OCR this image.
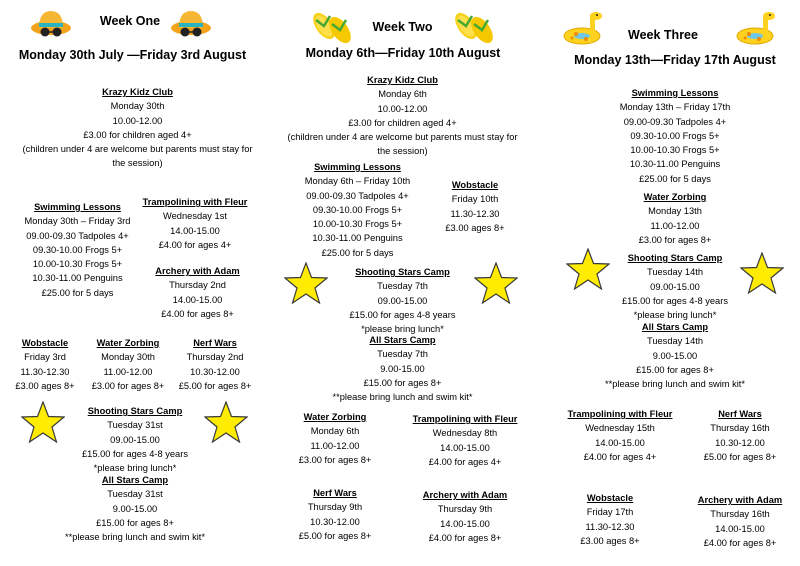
Week One
Monday 30th July —Friday 3rd August
Krazy Kidz Club
Monday 30th
10.00-12.00
£3.00 for children aged 4+
(children under 4 are welcome but parents must stay for
the session)
Swimming Lessons
Monday 30th – Friday 3rd
09.00-09.30 Tadpoles 4+
09.30-10.00 Frogs 5+
10.00-10.30 Frogs 5+
10.30-11.00 Penguins
£25.00 for 5 days
Trampolining with Fleur
Wednesday 1st
14.00-15.00
£4.00 for ages 4+
Archery with Adam
Thursday 2nd
14.00-15.00
£4.00 for ages 8+
Wobstacle
Friday 3rd
11.30-12.30
£3.00 ages 8+
Water Zorbing
Monday 30th
11.00-12.00
£3.00 for ages 8+
Nerf Wars
Thursday 2nd
10.30-12.00
£5.00 for ages 8+
Shooting Stars Camp
Tuesday 31st
09.00-15.00
£15.00 for ages 4-8 years
*please bring lunch*
All Stars Camp
Tuesday 31st
9.00-15.00
£15.00 for ages 8+
**please bring lunch and swim kit*
Week Two
Monday 6th—Friday 10th August
Krazy Kidz Club
Monday 6th
10.00-12.00
£3.00 for children aged 4+
(children under 4 are welcome but parents must stay for
the session)
Swimming Lessons
Monday 6th – Friday 10th
09.00-09.30 Tadpoles 4+
09.30-10.00 Frogs 5+
10.00-10.30 Frogs 5+
10.30-11.00 Penguins
£25.00 for 5 days
Wobstacle
Friday 10th
11.30-12.30
£3.00 ages 8+
Shooting Stars Camp
Tuesday 7th
09.00-15.00
£15.00 for ages 4-8 years
*please bring lunch*
All Stars Camp
Tuesday 7th
9.00-15.00
£15.00 for ages 8+
**please bring lunch and swim kit*
Water Zorbing
Monday 6th
11.00-12.00
£3.00 for ages 8+
Trampolining with Fleur
Wednesday 8th
14.00-15.00
£4.00 for ages 4+
Nerf Wars
Thursday 9th
10.30-12.00
£5.00 for ages 8+
Archery with Adam
Thursday 9th
14.00-15.00
£4.00 for ages 8+
Week Three
Monday 13th—Friday 17th August
Swimming Lessons
Monday 13th – Friday 17th
09.00-09.30 Tadpoles 4+
09.30-10.00 Frogs 5+
10.00-10.30 Frogs 5+
10.30-11.00 Penguins
£25.00 for 5 days
Water Zorbing
Monday 13th
11.00-12.00
£3.00 for ages 8+
Shooting Stars Camp
Tuesday 14th
09.00-15.00
£15.00 for ages 4-8 years
*please bring lunch*
All Stars Camp
Tuesday 14th
9.00-15.00
£15.00 for ages 8+
**please bring lunch and swim kit*
Trampolining with Fleur
Wednesday 15th
14.00-15.00
£4.00 for ages 4+
Nerf Wars
Thursday 16th
10.30-12.00
£5.00 for ages 8+
Wobstacle
Friday 17th
11.30-12.30
£3.00 ages 8+
Archery with Adam
Thursday 16th
14.00-15.00
£4.00 for ages 8+
